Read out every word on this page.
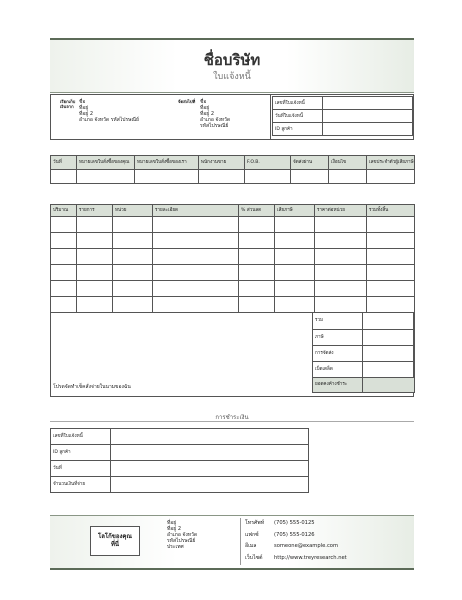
ชื่อบริษัท
ใบแจ้งหนี้
เรียกเก็บเงินจาก
ชื่อ
ที่อยู่
ที่อยู่ 2
อำเภอ จังหวัด รหัสไปรษณีย์
จัดส่งไปที่ ชื่อ
ที่อยู่
ที่อยู่ 2
อำเภอ จังหวัด
รหัสไปรษณีย์
เลขที่ใบแจ้งหนี้	
วันที่ใบแจ้งหนี้	
ID ลูกค้า	
วันที่	หมายเลขใบสั่งซื้อของคุณ	หมายเลขใบสั่งซื้อของเรา	พนักงานขาย	F.O.B.	จัดส่งผ่าน	เงื่อนไข	เลขประจำตัวผู้เสียภาษี

ปริมาณ	รายการ	หน่วย	รายละเอียด	% ส่วนลด	เสียภาษี	ราคาต่อหน่วย	รวมทั้งสิ้น

โปรดจัดทำเช็คสั่งจ่ายในนามของฉัน
รวม	
ภาษี	
การจัดส่ง	
เบ็ดเตล็ด	
ยอดคงค้างชำระ	
การชำระเงิน
เลขที่ใบแจ้งหนี้	
ID ลูกค้า	
วันที่	
จำนวนเงินที่จ่าย	
โลโก้ของคุณที่นี่
ที่อยู่
ที่อยู่ 2
อำเภอ จังหวัด
รหัสไปรษณีย์
ประเทศ
โทรศัพท์ (705) 555-0125
แฟกซ์	(705) 555-0126
อีเมล	someone@example.com
เว็บไซต์ http://www.treyresearch.net
